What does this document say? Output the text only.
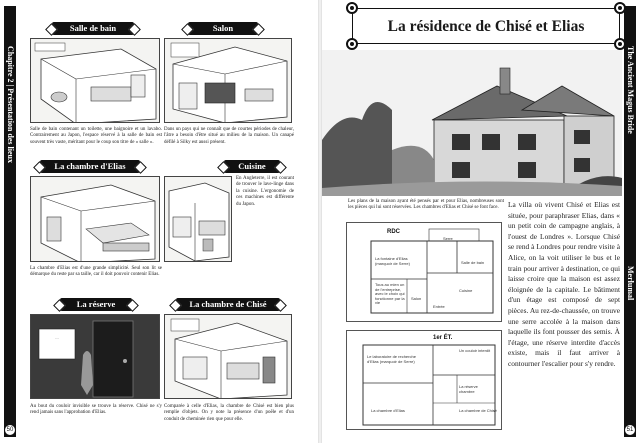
Chapitre 2 | Présentation des lieux
50
Salle de bain
Salle de bain contenant un toilette, une baignoire et un lavabo. Contrairement au Japon, l'espace réservé à la salle de bain est souvent très vaste, méritant pour le coup son titre de « salle ».
Salon
Dans un pays qui ne connaît que de courtes périodes de chaleur, l'âtre a besoin d'être situé au milieu de la maison. Un canapé défilé à Silky est aussi présent.
La chambre d'Elias
La chambre d'Elias est d'une grande simplicité. Seul son lit se démarque du reste par sa taille, car il doit pouvoir contenir Elias.
Cuisine
En Angleterre, il est courant de trouver le lave-linge dans la cuisine. L'ergonomie de ces machines est différente du Japon.
La réserve
…
Au bout du couloir invisible se trouve la réserve. Chisé ne s'y rend jamais sans l'approbation d'Elias.
La chambre de Chisé
Comparée à celle d'Elias, la chambre de Chisé est bien plus remplie d'objets. On y note la présence d'un poêle et d'un conduit de cheminée rien que pour elle.
The Ancient Magus Bride
Merlumal
51
La résidence de Chisé et Elias
Les plans de la maison ayant été pensés par et pour Elias, nombreuses sont les pièces qui lui sont réservées. Les chambres d'Elias et Chisé se font face.
RDC
Serre
La fontaine d'Elias (marquoir de Serre)	Salle de bain
Cuisine
Salon
Entrée
Tous au mien un de l'entreprise, avec le choix qui fonctionne par la vie
1er ÉT.
Le laboratoire de recherche d'Elias (marquoir de Serre)
Un couloir interdit
La réserve chambre
La chambre d'Elias	La chambre de Chisé
La villa où vivent Chisé et Elias est située, pour paraphraser Elias, dans « un petit coin de campagne anglais, à l'ouest de Londres ». Lorsque Chisé se rend à Londres pour rendre visite à Alice, on la voit utiliser le bus et le train pour arriver à destination, ce qui laisse croire que la maison est assez éloignée de la capitale. Le bâtiment d'un étage est composé de sept pièces. Au rez-de-chaussée, on trouve une serre accolée à la maison dans laquelle ils font pousser des semis. À l'étage, une réserve interdite d'accès existe, mais il faut arriver à contourner l'escalier pour s'y rendre.
